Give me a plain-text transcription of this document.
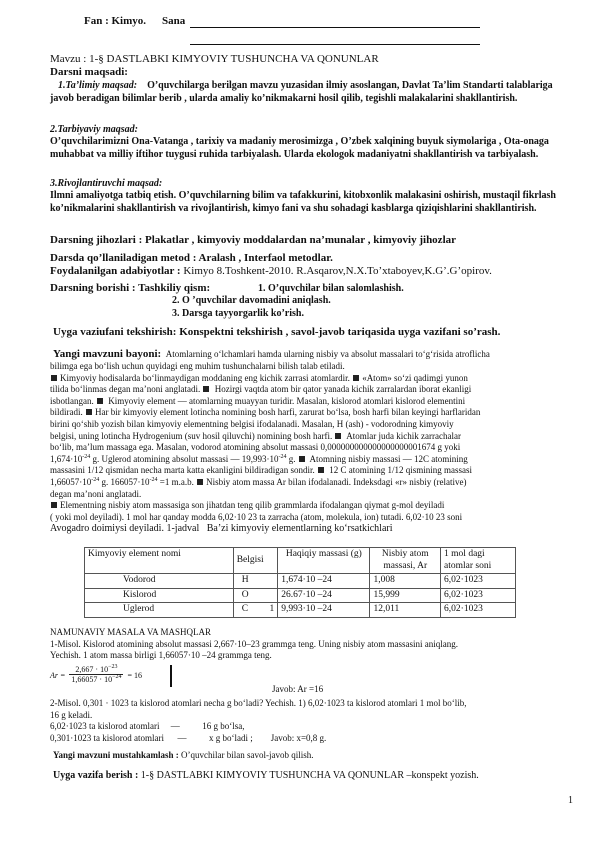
Fan : Kimyo. Sana
Mavzu : 1-§ DASTLABKI KIMYOVIY TUSHUNCHA VA QONUNLAR
Darsni maqsadi:
1.Ta’limiy maqsad: O’quvchilarga berilgan mavzu yuzasidan ilmiy asoslangan, Davlat Ta’lim Standarti talablariga javob beradigan bilimlar berib , ularda amaliy ko’nikmakarni hosil qilib, tegishli malakalarini shakllantirish.
2.Tarbiyaviy maqsad:
O’quvchilarimizni Ona-Vatanga , tarixiy va madaniy merosimizga , O’zbek xalqining buyuk siymolariga , Ota-onaga muhabbat va milliy iftihor tuygusi ruhida tarbiyalash. Ularda ekologok madaniyatni shakllantirish va tarbiyalash.
3.Rivojlantiruvchi maqsad:
Ilmni amaliyotga tatbiq etish. O’quvchilarning bilim va tafakkurini, kitobxonlik malakasini oshirish, mustaqil fikrlash ko’nikmalarini shakllantirish va rivojlantirish, kimyo fani va shu sohadagi kasblarga qiziqishlarini shakllantirish.
Darsning jihozlari : Plakatlar , kimyoviy moddalardan na’munalar , kimyoviy jihozlar
Darsda qo’llaniladigan metod : Aralash , Interfaol metodlar.
Foydalanilgan adabiyotlar : Kimyo 8.Toshkent-2010. R.Asqarov,N.X.To’xtaboyev,K.G’.G’opirov.
Darsning borishi : Tashkiliy qism:	1. O’quvchilar bilan salomlashish.
2. O ’quvchilar davomadini aniqlash.
3. Darsga tayyorgarlik ko’rish.
Uyga vaziufani tekshirish: Konspektni tekshirish , savol-javob tariqasida uyga vazifani so’rash.
Yangi mavzuni bayoni: Atomlarning o‘lchamlari hamda ularning nisbiy va absolut massalari to‘g‘risida atroflicha
bilimga ega bo‘lish uchun quyidagi eng muhim tushunchalarni bilish talab etiladi.
Kimyoviy hodisalarda bo‘linmaydigan moddaning eng kichik zarrasi atomlardir. «Atom» so‘zi qadimgi yunon
tilida bo‘linmas degan ma’noni anglatadi. Hozirgi vaqtda atom bir qator yanada kichik zarralardan iborat ekanligi
isbotlangan. Kimyoviy element — atomlarning muayyan turidir. Masalan, kislorod atomlari kislorod elementini
bildiradi. Har bir kimyoviy element lotincha nomining bosh harfi, zarurat bo‘lsa, bosh harfi bilan keyingi harflaridan
birini qo‘shib yozish bilan kimyoviy elementning belgisi ifodalanadi. Masalan, H (ash) - vodorodning kimyoviy
belgisi, uning lotincha Hydrogenium (suv hosil qiluvchi) nomining bosh harfi. Atomlar juda kichik zarrachalar
bo‘lib, ma’lum massaga ega. Masalan, vodorod atomining absolut massasi 0,000000000000000000001674 g yoki
$1,674\cdot 10^{-24}$ g. Uglerod atomining absolut massasi — $19,993\cdot 10^{-24}$ g. Atomning nisbiy massasi — 12C atomining
massasini 1/12 qismidan necha marta katta ekanligini bildiradigan sondir. 12 C atomining 1/12 qismining massasi
$1,66057\cdot 10^{-24}$ g. $166057\cdot 10^{-24} =1$ m.a.b. Nisbiy atom massa Ar bilan ifodalanadi. Indeksdagi «r» nisbiy (relative)
degan ma’noni anglatadi.
Elementning nisbiy atom massasiga son jihatdan teng qilib grammlarda ifodalangan qiymat g-mol deyiladi
( yoki mol deyiladi). 1 mol har qanday modda 6,02·10 23 ta zarracha (atom, molekula, ion) tutadi. 6,02·10 23 soni
Avogadro doimiysi deyiladi. 1-jadval Ba’zi kimyoviy elementlarning ko‘rsatkichlari
Kimyoviy element nomi	Belgisi	Haqiqiy massasi (g)	Nisbiy atom massasi, Ar	1 mol dagi atomlar soni
Vodorod	H	1,674·10 –24	1,008	6,02·1023
Kislorod	O	26.67·10 –24	15,999	6,02·1023
Uglerod	C 1	9,993·10 –24	12,011	6,02·1023
NAMUNAVIY MASALA VA MASHQLAR
1-Misol. Kislorod atomining absolut massasi 2,667·10–23 grammga teng. Uning nisbiy atom massasini aniqlang.
Yechish. 1 atom massa birligi 1,66057·10 –24 grammga teng.
$Ar = \frac{2,667 \cdot 10^{-23}}{1,66057 \cdot 10^{-24}} = 16$
Javob: Ar =16
2-Misol. 0,301 · 1023 ta kislorod atomlari necha g bo‘ladi? Yechish. 1) 6,02·1023 ta kislorod atomlari 1 mol bo‘lib,
16 g keladi.
6,02·1023 ta kislorod atomlari     —          16 g bo‘lsa,
0,301·1023 ta kislorod atomlari      —          x g bo‘ladi ;        Javob: x=0,8 g.
Yangi mavzuni mustahkamlash : O’quvchilar bilan savol-javob qilish.
Uyga vazifa berish : 1-§ DASTLABKI KIMYOVIY TUSHUNCHA VA QONUNLAR –konspekt yozish.
1
